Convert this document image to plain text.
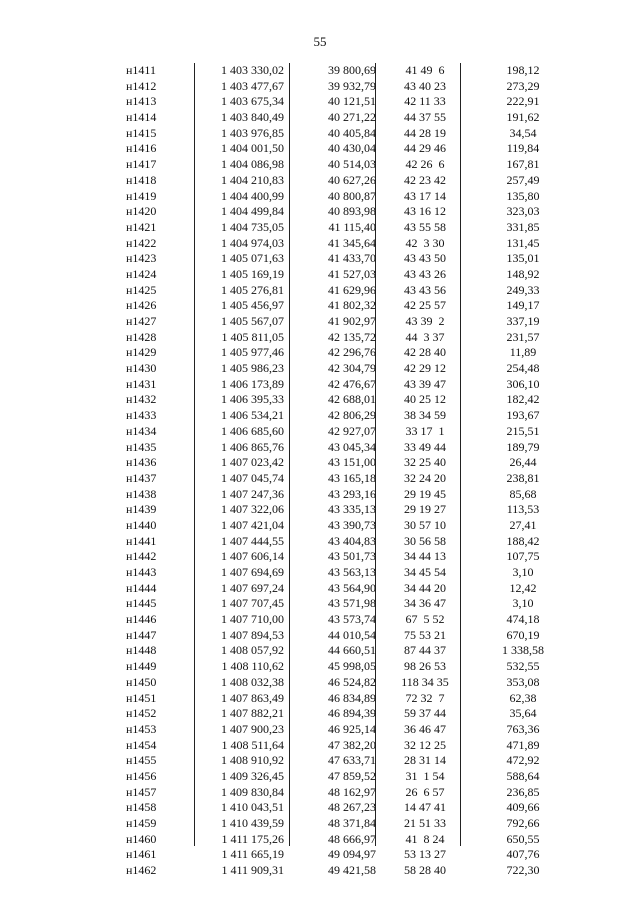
55
н1411	1 403 330,02	39 800,69	41 49  6	198,12
н1412	1 403 477,67	39 932,79	43 40 23	273,29
н1413	1 403 675,34	40 121,51	42 11 33	222,91
н1414	1 403 840,49	40 271,22	44 37 55	191,62
н1415	1 403 976,85	40 405,84	44 28 19	34,54
н1416	1 404 001,50	40 430,04	44 29 46	119,84
н1417	1 404 086,98	40 514,03	42 26  6	167,81
н1418	1 404 210,83	40 627,26	42 23 42	257,49
н1419	1 404 400,99	40 800,87	43 17 14	135,80
н1420	1 404 499,84	40 893,98	43 16 12	323,03
н1421	1 404 735,05	41 115,40	43 55 58	331,85
н1422	1 404 974,03	41 345,64	42  3 30	131,45
н1423	1 405 071,63	41 433,70	43 43 50	135,01
н1424	1 405 169,19	41 527,03	43 43 26	148,92
н1425	1 405 276,81	41 629,96	43 43 56	249,33
н1426	1 405 456,97	41 802,32	42 25 57	149,17
н1427	1 405 567,07	41 902,97	43 39  2	337,19
н1428	1 405 811,05	42 135,72	44  3 37	231,57
н1429	1 405 977,46	42 296,76	42 28 40	11,89
н1430	1 405 986,23	42 304,79	42 29 12	254,48
н1431	1 406 173,89	42 476,67	43 39 47	306,10
н1432	1 406 395,33	42 688,01	40 25 12	182,42
н1433	1 406 534,21	42 806,29	38 34 59	193,67
н1434	1 406 685,60	42 927,07	33 17  1	215,51
н1435	1 406 865,76	43 045,34	33 49 44	189,79
н1436	1 407 023,42	43 151,00	32 25 40	26,44
н1437	1 407 045,74	43 165,18	32 24 20	238,81
н1438	1 407 247,36	43 293,16	29 19 45	85,68
н1439	1 407 322,06	43 335,13	29 19 27	113,53
н1440	1 407 421,04	43 390,73	30 57 10	27,41
н1441	1 407 444,55	43 404,83	30 56 58	188,42
н1442	1 407 606,14	43 501,73	34 44 13	107,75
н1443	1 407 694,69	43 563,13	34 45 54	3,10
н1444	1 407 697,24	43 564,90	34 44 20	12,42
н1445	1 407 707,45	43 571,98	34 36 47	3,10
н1446	1 407 710,00	43 573,74	67  5 52	474,18
н1447	1 407 894,53	44 010,54	75 53 21	670,19
н1448	1 408 057,92	44 660,51	87 44 37	1 338,58
н1449	1 408 110,62	45 998,05	98 26 53	532,55
н1450	1 408 032,38	46 524,82	118 34 35	353,08
н1451	1 407 863,49	46 834,89	72 32  7	62,38
н1452	1 407 882,21	46 894,39	59 37 44	35,64
н1453	1 407 900,23	46 925,14	36 46 47	763,36
н1454	1 408 511,64	47 382,20	32 12 25	471,89
н1455	1 408 910,92	47 633,71	28 31 14	472,92
н1456	1 409 326,45	47 859,52	31  1 54	588,64
н1457	1 409 830,84	48 162,97	26  6 57	236,85
н1458	1 410 043,51	48 267,23	14 47 41	409,66
н1459	1 410 439,59	48 371,84	21 51 33	792,66
н1460	1 411 175,26	48 666,97	41  8 24	650,55
н1461	1 411 665,19	49 094,97	53 13 27	407,76
н1462	1 411 909,31	49 421,58	58 28 40	722,30
